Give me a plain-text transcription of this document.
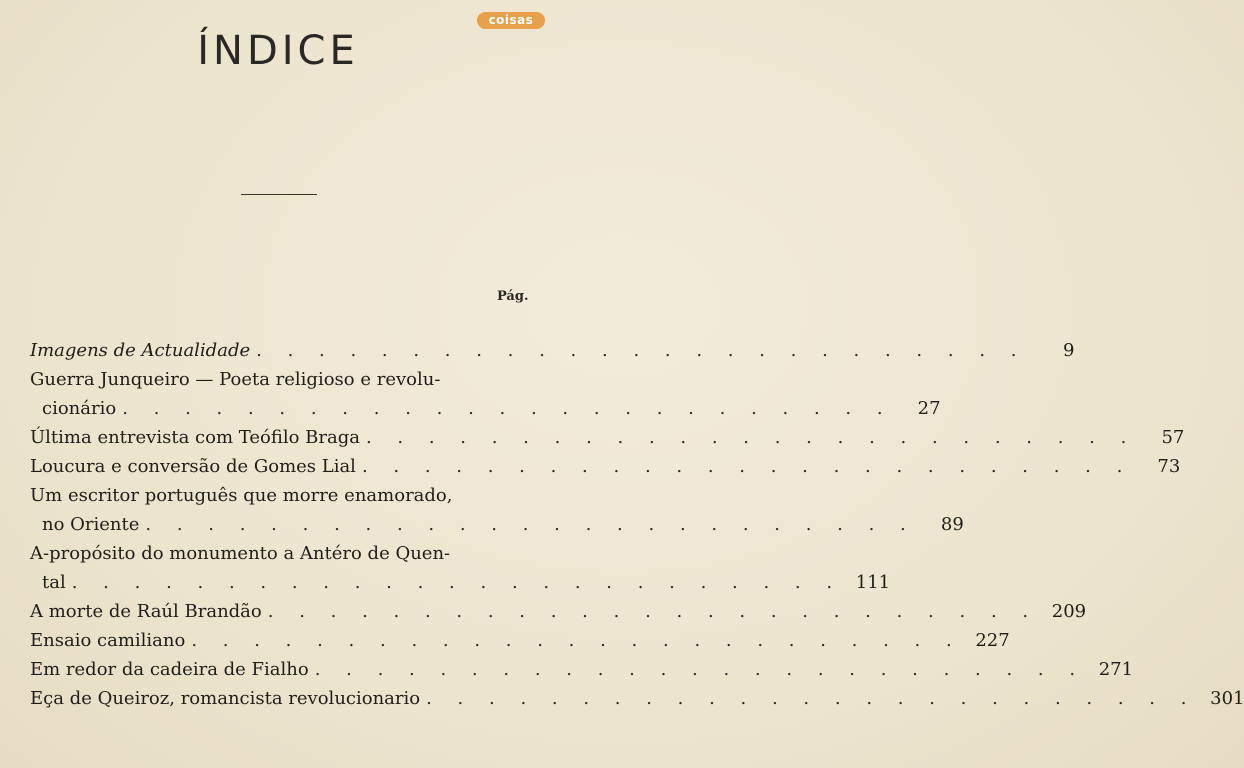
coisas
ÍNDICE
Pág.
Imagens de Actualidade . . . . . . . . . . . . . . . . . . . . . . . . .	9
Guerra Junqueiro — Poeta religioso e revolu-
cionário . . . . . . . . . . . . . . . . . . . . . . . . .	27
Última entrevista com Teófilo Braga . . . . . . . . . . . . . . . . . . . . . . . . .	57
Loucura e conversão de Gomes Lial . . . . . . . . . . . . . . . . . . . . . . . . .	73
Um escritor português que morre enamorado,
no Oriente . . . . . . . . . . . . . . . . . . . . . . . . .	89
A-propósito do monumento a Antéro de Quen-
tal . . . . . . . . . . . . . . . . . . . . . . . . . 111
A morte de Raúl Brandão . . . . . . . . . . . . . . . . . . . . . . . . . 209
Ensaio camiliano . . . . . . . . . . . . . . . . . . . . . . . . . 227
Em redor da cadeira de Fialho . . . . . . . . . . . . . . . . . . . . . . . . . 271
Eça de Queiroz, romancista revolucionario . . . . . . . . . . . . . . . . . . . . . . . . . 301
